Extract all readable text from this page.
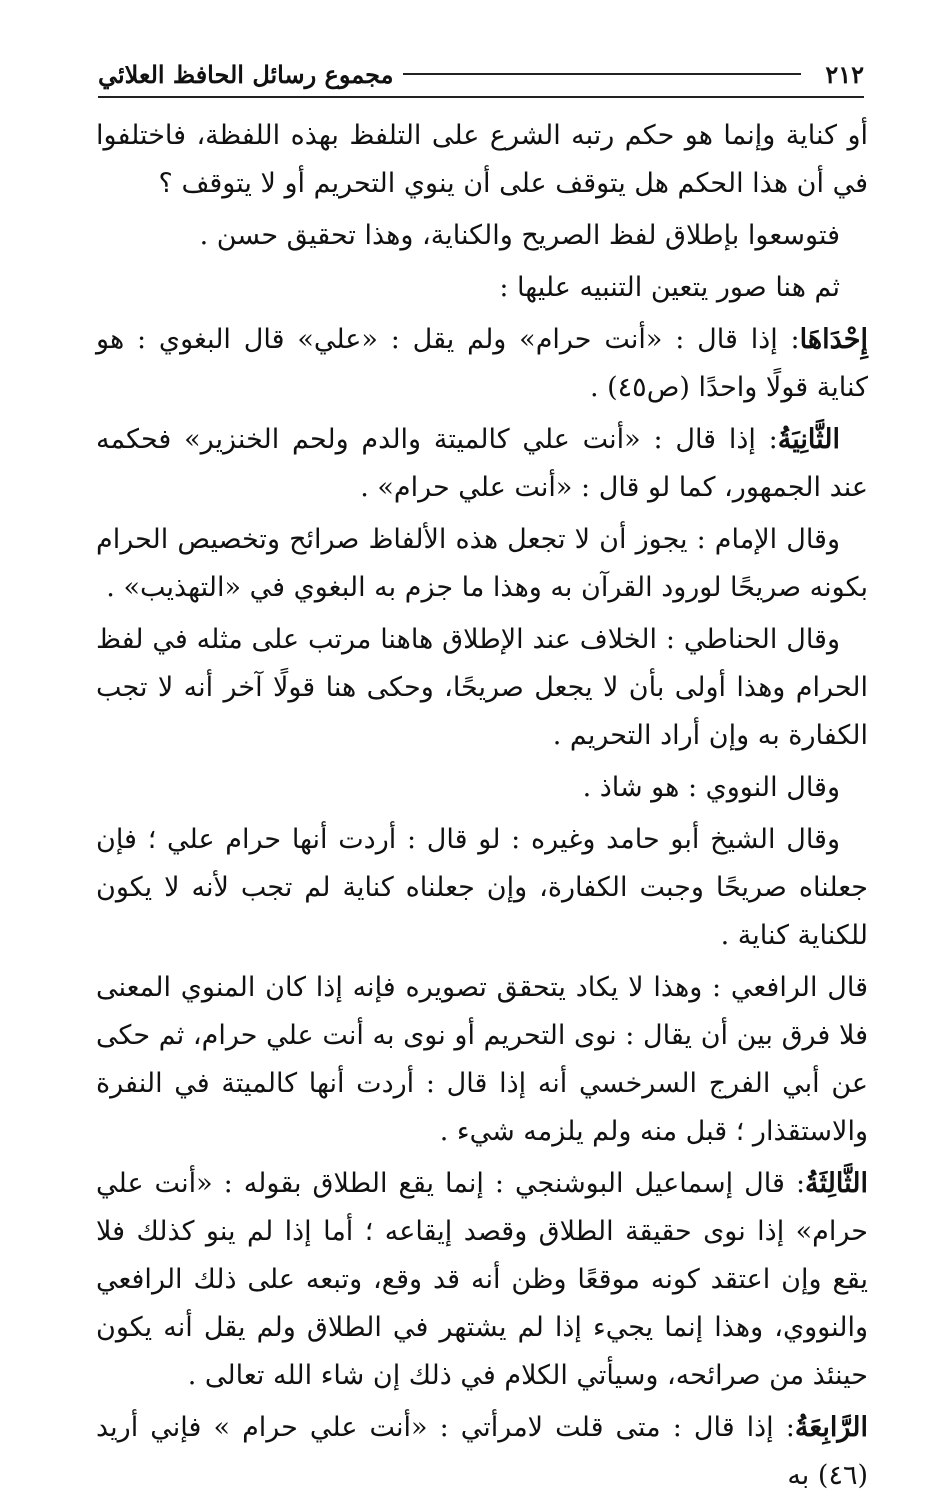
٢١٢
مجموع رسائل الحافظ العلائي

أو كناية وإنما هو حكم رتبه الشرع على التلفظ بهذه اللفظة، فاختلفوا في أن هذا الحكم هل يتوقف على أن ينوي التحريم أو لا يتوقف ؟

فتوسعوا بإطلاق لفظ الصريح والكناية، وهذا تحقيق حسن .

ثم هنا صور يتعين التنبيه عليها :

إِحْدَاهَا: إذا قال : «أنت حرام» ولم يقل : «علي» قال البغوي : هو كناية قولًا واحدًا (ص٤٥) .

الثَّانِيَةُ: إذا قال : «أنت علي كالميتة والدم ولحم الخنزير» فحكمه عند الجمهور، كما لو قال : «أنت علي حرام» .

وقال الإمام : يجوز أن لا تجعل هذه الألفاظ صرائح وتخصيص الحرام بكونه صريحًا لورود القرآن به وهذا ما جزم به البغوي في «التهذيب» .

وقال الحناطي : الخلاف عند الإطلاق هاهنا مرتب على مثله في لفظ الحرام وهذا أولى بأن لا يجعل صريحًا، وحكى هنا قولًا آخر أنه لا تجب الكفارة به وإن أراد التحريم .

وقال النووي : هو شاذ .

وقال الشيخ أبو حامد وغيره : لو قال : أردت أنها حرام علي ؛ فإن جعلناه صريحًا وجبت الكفارة، وإن جعلناه كناية لم تجب لأنه لا يكون للكناية كناية .

قال الرافعي : وهذا لا يكاد يتحقق تصويره فإنه إذا كان المنوي المعنى فلا فرق بين أن يقال : نوى التحريم أو نوى به أنت علي حرام، ثم حكى عن أبي الفرج السرخسي أنه إذا قال : أردت أنها كالميتة في النفرة والاستقذار ؛ قبل منه ولم يلزمه شيء .

الثَّالِثَةُ: قال إسماعيل البوشنجي : إنما يقع الطلاق بقوله : «أنت علي حرام» إذا نوى حقيقة الطلاق وقصد إيقاعه ؛ أما إذا لم ينو كذلك فلا يقع وإن اعتقد كونه موقعًا وظن أنه قد وقع، وتبعه على ذلك الرافعي والنووي، وهذا إنما يجيء إذا لم يشتهر في الطلاق ولم يقل أنه يكون حينئذ من صرائحه، وسيأتي الكلام في ذلك إن شاء الله تعالى .

الرَّابِعَةُ: إذا قال : متى قلت لامرأتي : «أنت علي حرام » فإني أريد (٤٦) به
